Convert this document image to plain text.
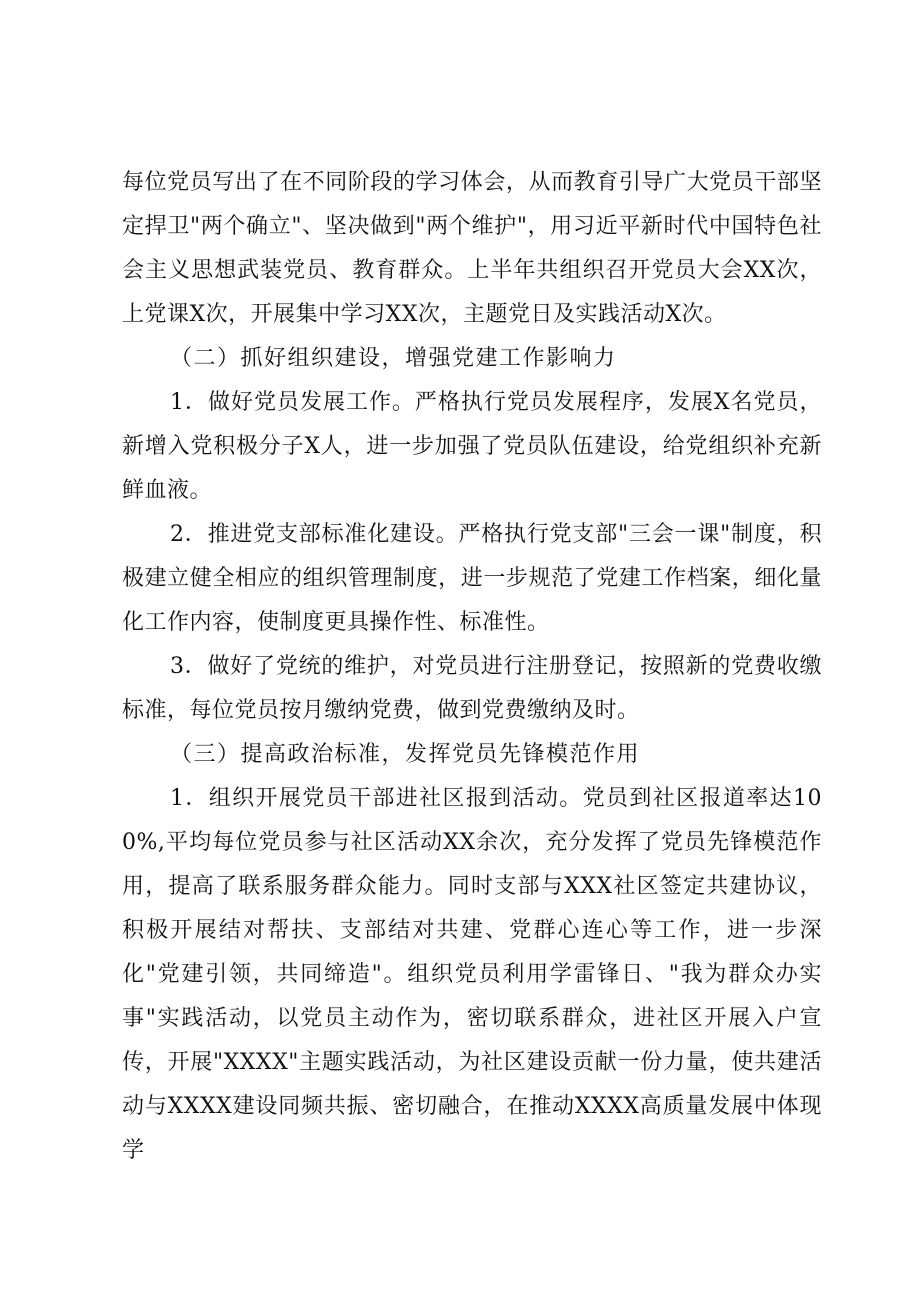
每位党员写出了在不同阶段的学习体会，从而教育引导广大党员干部坚定捍卫"两个确立"、坚决做到"两个维护"，用习近平新时代中国特色社会主义思想武装党员、教育群众。上半年共组织召开党员大会XX次，上党课X次，开展集中学习XX次，主题党日及实践活动X次。

（二）抓好组织建设，增强党建工作影响力

1．做好党员发展工作。严格执行党员发展程序，发展X名党员，新增入党积极分子X人，进一步加强了党员队伍建设，给党组织补充新鲜血液。

2．推进党支部标准化建设。严格执行党支部"三会一课"制度，积极建立健全相应的组织管理制度，进一步规范了党建工作档案，细化量化工作内容，使制度更具操作性、标准性。

3．做好了党统的维护，对党员进行注册登记，按照新的党费收缴标准，每位党员按月缴纳党费，做到党费缴纳及时。

（三）提高政治标准，发挥党员先锋模范作用

1．组织开展党员干部进社区报到活动。党员到社区报道率达100%,平均每位党员参与社区活动XX余次，充分发挥了党员先锋模范作用，提高了联系服务群众能力。同时支部与XXX社区签定共建协议，积极开展结对帮扶、支部结对共建、党群心连心等工作，进一步深化"党建引领，共同缔造"。组织党员利用学雷锋日、"我为群众办实事"实践活动，以党员主动作为，密切联系群众，进社区开展入户宣传，开展"XXXX"主题实践活动，为社区建设贡献一份力量，使共建活动与XXXX建设同频共振、密切融合，在推动XXXX高质量发展中体现学
